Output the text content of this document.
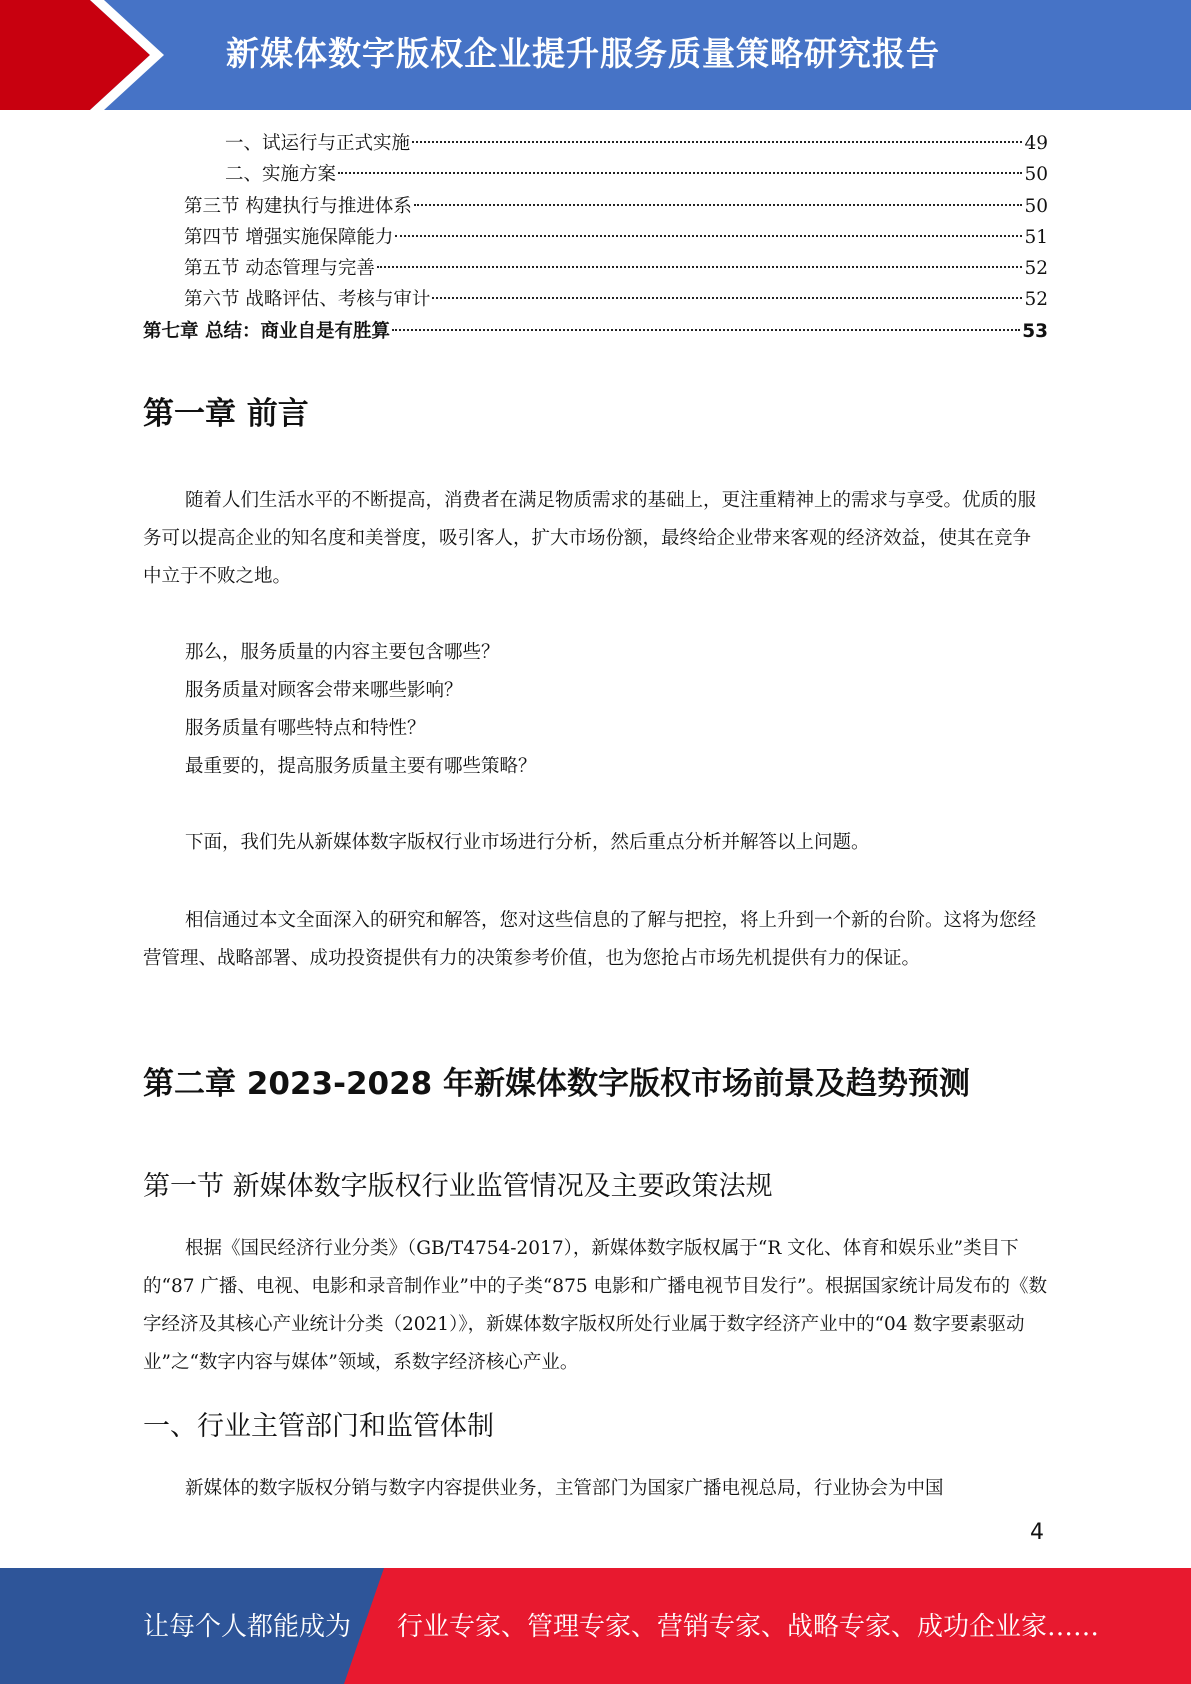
新媒体数字版权企业提升服务质量策略研究报告
一、试运行与正式实施	49
二、实施方案	50
第三节 构建执行与推进体系	50
第四节 增强实施保障能力	51
第五节 动态管理与完善	52
第六节 战略评估、考核与审计	52
第七章 总结：商业自是有胜算	53
第一章 前言

随着人们生活水平的不断提高，消费者在满足物质需求的基础上，更注重精神上的需求与享受。优质的服务可以提高企业的知名度和美誉度，吸引客人，扩大市场份额，最终给企业带来客观的经济效益，使其在竞争中立于不败之地。

那么，服务质量的内容主要包含哪些？
服务质量对顾客会带来哪些影响？
服务质量有哪些特点和特性？
最重要的，提高服务质量主要有哪些策略？

下面，我们先从新媒体数字版权行业市场进行分析，然后重点分析并解答以上问题。

相信通过本文全面深入的研究和解答，您对这些信息的了解与把控，将上升到一个新的台阶。这将为您经营管理、战略部署、成功投资提供有力的决策参考价值，也为您抢占市场先机提供有力的保证。

第二章 2023-2028 年新媒体数字版权市场前景及趋势预测
第一节 新媒体数字版权行业监管情况及主要政策法规

根据《国民经济行业分类》（GB/T4754-2017），新媒体数字版权属于“R 文化、体育和娱乐业”类目下的“87 广播、电视、电影和录音制作业”中的子类“875 电影和广播电视节目发行”。根据国家统计局发布的《数字经济及其核心产业统计分类（2021）》，新媒体数字版权所处行业属于数字经济产业中的“04 数字要素驱动业”之“数字内容与媒体”领域，系数字经济核心产业。

一、行业主管部门和监管体制

新媒体的数字版权分销与数字内容提供业务，主管部门为国家广播电视总局，行业协会为中国

4
让每个人都能成为 行业专家、管理专家、营销专家、战略专家、成功企业家……
